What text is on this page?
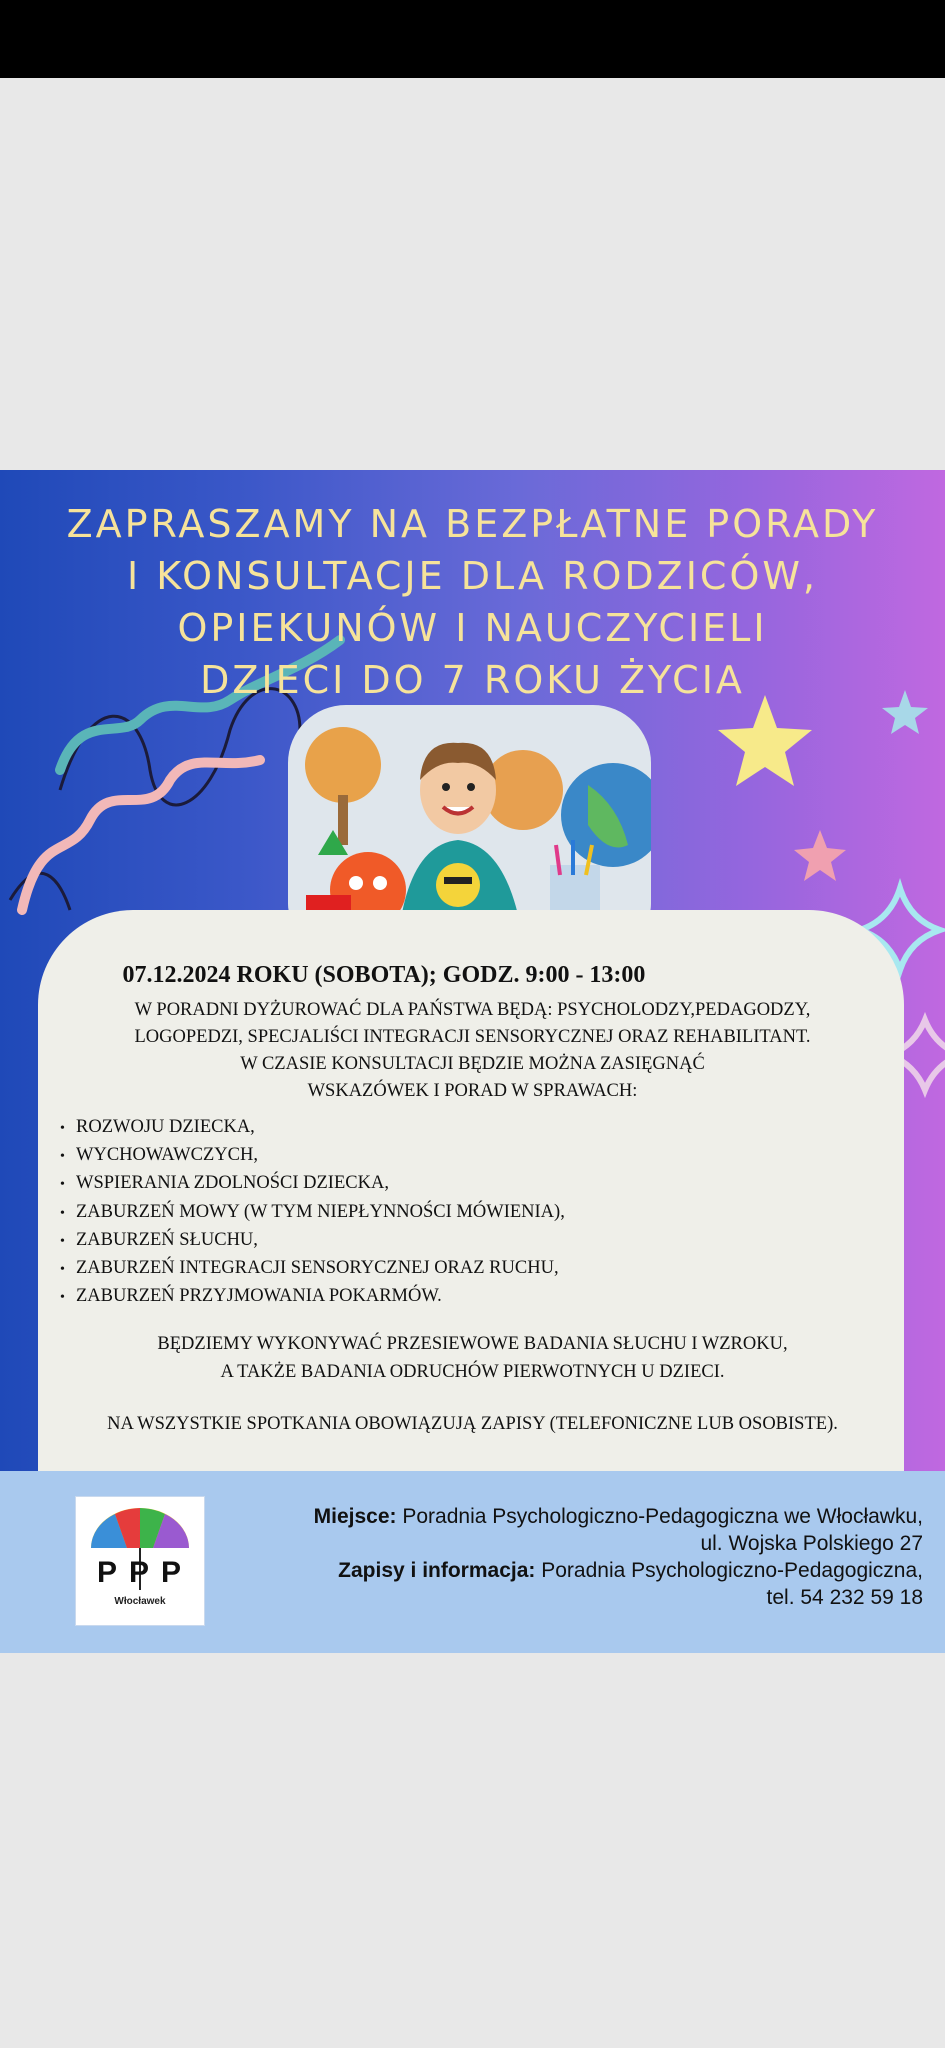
ZAPRASZAMY NA BEZPŁATNE PORADY
I KONSULTACJE DLA RODZICÓW,
OPIEKUNÓW I NAUCZYCIELI
DZIECI DO 7 ROKU ŻYCIA

07.12.2024 ROKU (SOBOTA); GODZ. 9:00 - 13:00

W PORADNI DYŻUROWAĆ DLA PAŃSTWA BĘDĄ: PSYCHOLODZY,PEDAGODZY,
LOGOPEDZI, SPECJALIŚCI INTEGRACJI SENSORYCZNEJ ORAZ REHABILITANT.
W CZASIE KONSULTACJI BĘDZIE MOŻNA ZASIĘGNĄĆ
WSKAZÓWEK I PORAD W SPRAWACH:

• ROZWOJU DZIECKA,
• WYCHOWAWCZYCH,
• WSPIERANIA ZDOLNOŚCI DZIECKA,
• ZABURZEŃ MOWY (W TYM NIEPŁYNNOŚCI MÓWIENIA),
• ZABURZEŃ SŁUCHU,
• ZABURZEŃ INTEGRACJI SENSORYCZNEJ ORAZ RUCHU,
• ZABURZEŃ PRZYJMOWANIA POKARMÓW.

BĘDZIEMY WYKONYWAĆ PRZESIEWOWE BADANIA SŁUCHU I WZROKU,
A TAKŻE BADANIA ODRUCHÓW PIERWOTNYCH U DZIECI.

NA WSZYSTKIE SPOTKANIA OBOWIĄZUJĄ ZAPISY (TELEFONICZNE LUB OSOBISTE).

P P P
Włocławek
Miejsce: Poradnia Psychologiczno-Pedagogiczna we Włocławku,
ul. Wojska Polskiego 27
Zapisy i informacja: Poradnia Psychologiczno-Pedagogiczna,
tel. 54 232 59 18
